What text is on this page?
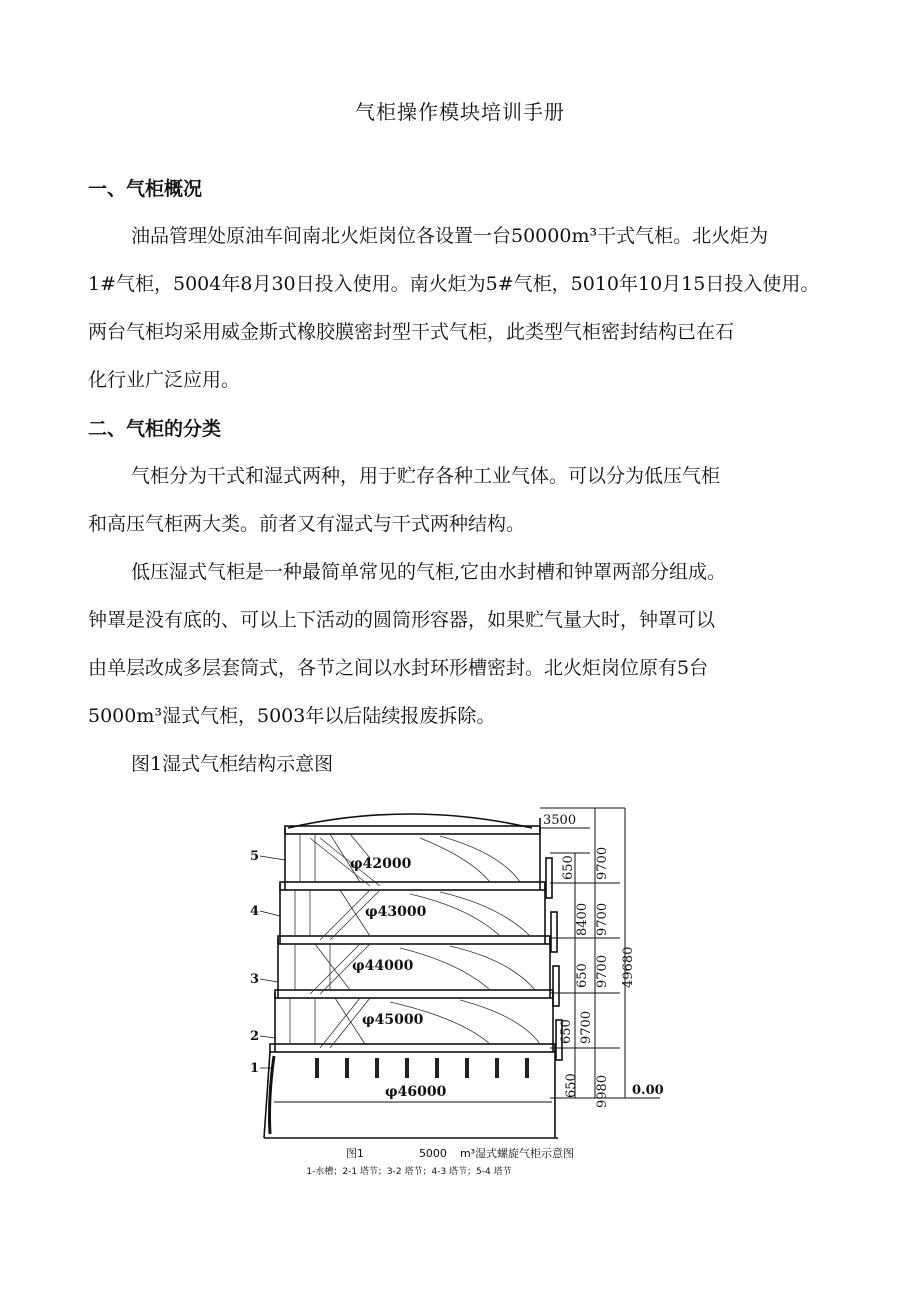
气柜操作模块培训手册
一、气柜概况
油品管理处原油车间南北火炬岗位各设置一台50000m³干式气柜。北火炬为
1#气柜，5004年8月30日投入使用。南火炬为5#气柜，5010年10月15日投入使用。
两台气柜均采用威金斯式橡胶膜密封型干式气柜，此类型气柜密封结构已在石
化行业广泛应用。
二、气柜的分类
气柜分为干式和湿式两种，用于贮存各种工业气体。可以分为低压气柜
和高压气柜两大类。前者又有湿式与干式两种结构。
低压湿式气柜是一种最简单常见的气柜,它由水封槽和钟罩两部分组成。
钟罩是没有底的、可以上下活动的圆筒形容器，如果贮气量大时，钟罩可以
由单层改成多层套筒式，各节之间以水封环形槽密封。北火炬岗位原有5台
5000m³湿式气柜，5003年以后陆续报废拆除。
图1湿式气柜结构示意图
φ42000
φ43000
φ44000
φ45000
φ46000
5
4
3
2
1
3500
650 9700
8400 9700
650 9700
650 9700
650 9980
49680
0.00
图1	5000 m³湿式螺旋气柜示意图
1-水槽；2-1 塔节；3-2 塔节；4-3 塔节；5-4 塔节
